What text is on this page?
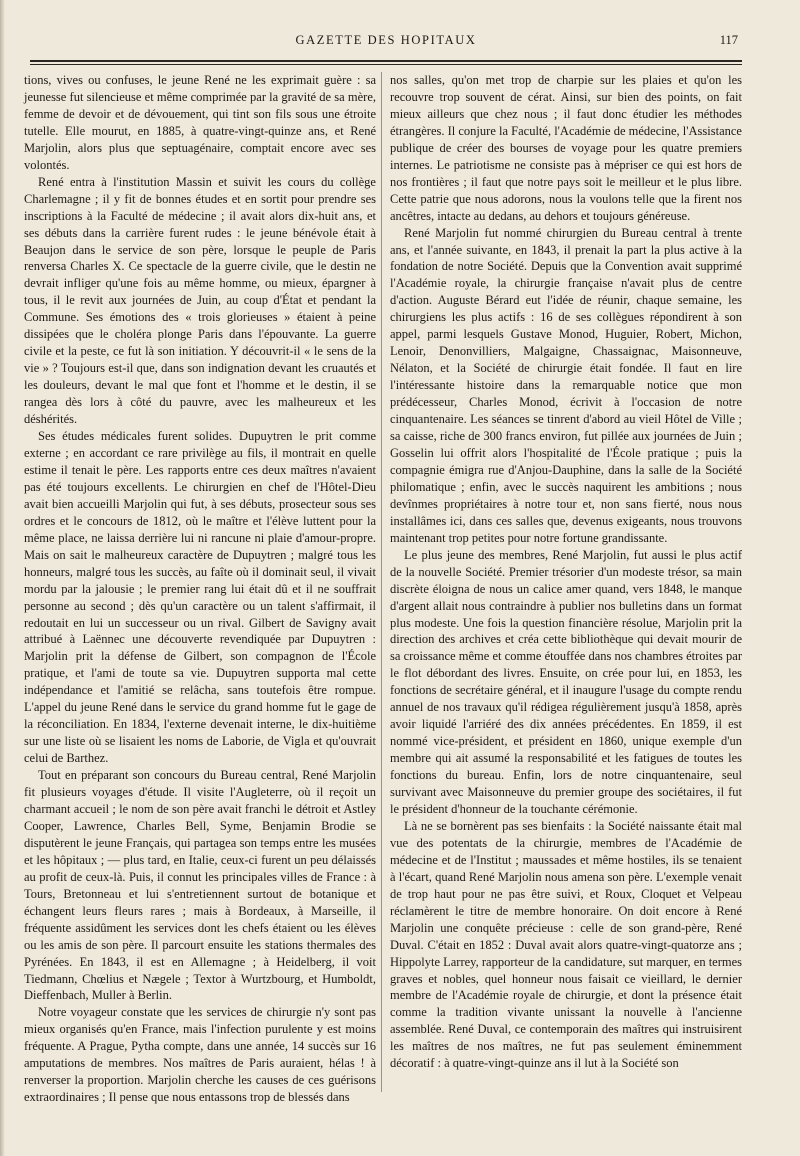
GAZETTE DES HOPITAUX	117

tions, vives ou confuses, le jeune René ne les exprimait guère : sa jeunesse fut silencieuse et même comprimée par la gravité de sa mère, femme de devoir et de dévouement, qui tint son fils sous une étroite tutelle. Elle mourut, en 1885, à quatre-vingt-quinze ans, et René Marjolin, alors plus que septuagénaire, comptait encore avec ses volontés.

René entra à l'institution Massin et suivit les cours du collège Charlemagne ; il y fit de bonnes études et en sortit pour prendre ses inscriptions à la Faculté de médecine ; il avait alors dix-huit ans, et ses débuts dans la carrière furent rudes : le jeune bénévole était à Beaujon dans le service de son père, lorsque le peuple de Paris renversa Charles X. Ce spectacle de la guerre civile, que le destin ne devrait infliger qu'une fois au même homme, ou mieux, épargner à tous, il le revit aux journées de Juin, au coup d'État et pendant la Commune. Ses émotions des « trois glorieuses » étaient à peine dissipées que le choléra plonge Paris dans l'épouvante. La guerre civile et la peste, ce fut là son initiation. Y découvrit-il « le sens de la vie » ? Toujours est-il que, dans son indignation devant les cruautés et les douleurs, devant le mal que font et l'homme et le destin, il se rangea dès lors à côté du pauvre, avec les malheureux et les déshérités.

Ses études médicales furent solides. Dupuytren le prit comme externe ; en accordant ce rare privilège au fils, il montrait en quelle estime il tenait le père. Les rapports entre ces deux maîtres n'avaient pas été toujours excellents. Le chirurgien en chef de l'Hôtel-Dieu avait bien accueilli Marjolin qui fut, à ses débuts, prosecteur sous ses ordres et le concours de 1812, où le maître et l'élève luttent pour la même place, ne laissa derrière lui ni rancune ni plaie d'amour-propre. Mais on sait le malheureux caractère de Dupuytren ; malgré tous les honneurs, malgré tous les succès, au faîte où il dominait seul, il vivait mordu par la jalousie ; le premier rang lui était dû et il ne souffrait personne au second ; dès qu'un caractère ou un talent s'affirmait, il redoutait en lui un successeur ou un rival. Gilbert de Savigny avait attribué à Laënnec une découverte revendiquée par Dupuytren : Marjolin prit la défense de Gilbert, son compagnon de l'École pratique, et l'ami de toute sa vie. Dupuytren supporta mal cette indépendance et l'amitié se relâcha, sans toutefois être rompue. L'appel du jeune René dans le service du grand homme fut le gage de la réconciliation. En 1834, l'externe devenait interne, le dix-huitième sur une liste où se lisaient les noms de Laborie, de Vigla et qu'ouvrait celui de Barthez.

Tout en préparant son concours du Bureau central, René Marjolin fit plusieurs voyages d'étude. Il visite l'Augleterre, où il reçoit un charmant accueil ; le nom de son père avait franchi le détroit et Astley Cooper, Lawrence, Charles Bell, Syme, Benjamin Brodie se disputèrent le jeune Français, qui partagea son temps entre les musées et les hôpitaux ; — plus tard, en Italie, ceux-ci furent un peu délaissés au profit de ceux-là. Puis, il connut les principales villes de France : à Tours, Bretonneau et lui s'entretiennent surtout de botanique et échangent leurs fleurs rares ; mais à Bordeaux, à Marseille, il fréquente assidûment les services dont les chefs étaient ou les élèves ou les amis de son père. Il parcourt ensuite les stations thermales des Pyrénées. En 1843, il est en Allemagne ; à Heidelberg, il voit Tiedmann, Chœlius et Nægele ; Textor à Wurtzbourg, et Humboldt, Dieffenbach, Muller à Berlin.

Notre voyageur constate que les services de chirurgie n'y sont pas mieux organisés qu'en France, mais l'infection purulente y est moins fréquente. A Prague, Pytha compte, dans une année, 14 succès sur 16 amputations de membres. Nos maîtres de Paris auraient, hélas ! à renverser la proportion. Marjolin cherche les causes de ces guérisons extraordinaires ; Il pense que nous entassons trop de blessés dans

nos salles, qu'on met trop de charpie sur les plaies et qu'on les recouvre trop souvent de cérat. Ainsi, sur bien des points, on fait mieux ailleurs que chez nous ; il faut donc étudier les méthodes étrangères. Il conjure la Faculté, l'Académie de médecine, l'Assistance publique de créer des bourses de voyage pour les quatre premiers internes. Le patriotisme ne consiste pas à mépriser ce qui est hors de nos frontières ; il faut que notre pays soit le meilleur et le plus libre. Cette patrie que nous adorons, nous la voulons telle que la firent nos ancêtres, intacte au dedans, au dehors et toujours généreuse.

René Marjolin fut nommé chirurgien du Bureau central à trente ans, et l'année suivante, en 1843, il prenait la part la plus active à la fondation de notre Société. Depuis que la Convention avait supprimé l'Académie royale, la chirurgie française n'avait plus de centre d'action. Auguste Bérard eut l'idée de réunir, chaque semaine, les chirurgiens les plus actifs : 16 de ses collègues répondirent à son appel, parmi lesquels Gustave Monod, Huguier, Robert, Michon, Lenoir, Denonvilliers, Malgaigne, Chassaignac, Maisonneuve, Nélaton, et la Société de chirurgie était fondée. Il faut en lire l'intéressante histoire dans la remarquable notice que mon prédécesseur, Charles Monod, écrivit à l'occasion de notre cinquantenaire. Les séances se tinrent d'abord au vieil Hôtel de Ville ; sa caisse, riche de 300 francs environ, fut pillée aux journées de Juin ; Gosselin lui offrit alors l'hospitalité de l'École pratique ; puis la compagnie émigra rue d'Anjou-Dauphine, dans la salle de la Société philomatique ; enfin, avec le succès naquirent les ambitions ; nous devînmes propriétaires à notre tour et, non sans fierté, nous nous installâmes ici, dans ces salles que, devenus exigeants, nous trouvons maintenant trop petites pour notre fortune grandissante.

Le plus jeune des membres, René Marjolin, fut aussi le plus actif de la nouvelle Société. Premier trésorier d'un modeste trésor, sa main discrète éloigna de nous un calice amer quand, vers 1848, le manque d'argent allait nous contraindre à publier nos bulletins dans un format plus modeste. Une fois la question financière résolue, Marjolin prit la direction des archives et créa cette bibliothèque qui devait mourir de sa croissance même et comme étouffée dans nos chambres étroites par le flot débordant des livres. Ensuite, on crée pour lui, en 1853, les fonctions de secrétaire général, et il inaugure l'usage du compte rendu annuel de nos travaux qu'il rédigea régulièrement jusqu'à 1858, après avoir liquidé l'arriéré des dix années précédentes. En 1859, il est nommé vice-président, et président en 1860, unique exemple d'un membre qui ait assumé la responsabilité et les fatigues de toutes les fonctions du bureau. Enfin, lors de notre cinquantenaire, seul survivant avec Maisonneuve du premier groupe des sociétaires, il fut le président d'honneur de la touchante cérémonie.

Là ne se bornèrent pas ses bienfaits : la Société naissante était mal vue des potentats de la chirurgie, membres de l'Académie de médecine et de l'Institut ; maussades et même hostiles, ils se tenaient à l'écart, quand René Marjolin nous amena son père. L'exemple venait de trop haut pour ne pas être suivi, et Roux, Cloquet et Velpeau réclamèrent le titre de membre honoraire. On doit encore à René Marjolin une conquête précieuse : celle de son grand-père, René Duval. C'était en 1852 : Duval avait alors quatre-vingt-quatorze ans ; Hippolyte Larrey, rapporteur de la candidature, sut marquer, en termes graves et nobles, quel honneur nous faisait ce vieillard, le dernier membre de l'Académie royale de chirurgie, et dont la présence était comme la tradition vivante unissant la nouvelle à l'ancienne assemblée. René Duval, ce contemporain des maîtres qui instruisirent les maîtres de nos maîtres, ne fut pas seulement éminemment décoratif : à quatre-vingt-quinze ans il lut à la Société son
